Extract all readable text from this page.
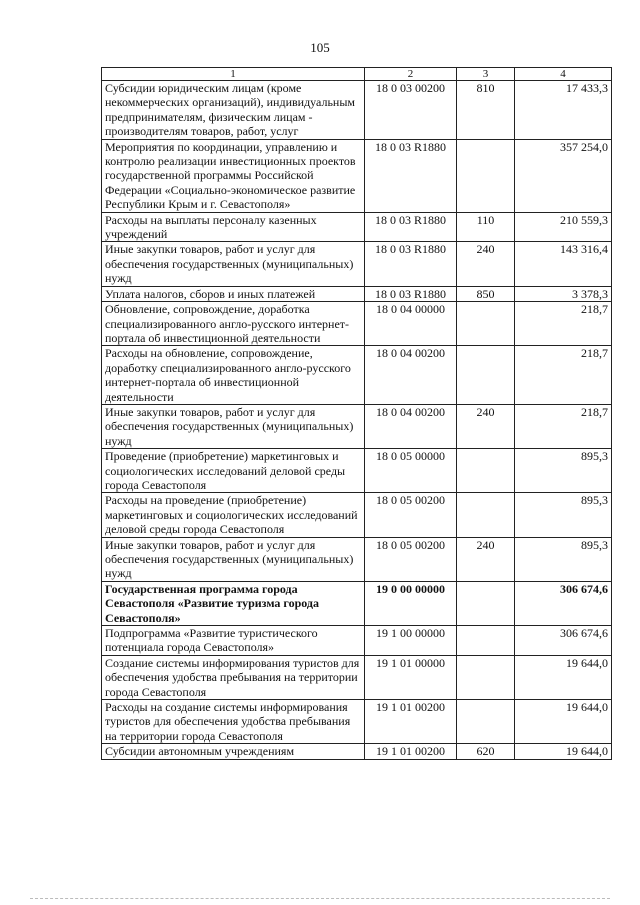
105
1	2	3	4
Субсидии юридическим лицам (кроме некоммерческих организаций), индивидуальным предпринимателям, физическим лицам - производителям товаров, работ, услуг	18 0 03 00200	810	17 433,3
Мероприятия по координации, управлению и контролю реализации инвестиционных проектов государственной программы Российской Федерации «Социально-экономическое развитие Республики Крым и г. Севастополя»	18 0 03 R1880		357 254,0
Расходы на выплаты персоналу казенных учреждений	18 0 03 R1880	110	210 559,3
Иные закупки товаров, работ и услуг для обеспечения государственных (муниципальных) нужд	18 0 03 R1880	240	143 316,4
Уплата налогов, сборов и иных платежей	18 0 03 R1880	850	3 378,3
Обновление, сопровождение, доработка специализированного англо-русского интернет-портала об инвестиционной деятельности	18 0 04 00000		218,7
Расходы на обновление, сопровождение, доработку специализированного англо-русского интернет-портала об инвестиционной деятельности	18 0 04 00200		218,7
Иные закупки товаров, работ и услуг для обеспечения государственных (муниципальных) нужд	18 0 04 00200	240	218,7
Проведение (приобретение) маркетинговых и социологических исследований деловой среды города Севастополя	18 0 05 00000		895,3
Расходы на проведение (приобретение) маркетинговых и социологических исследований деловой среды города Севастополя	18 0 05 00200		895,3
Иные закупки товаров, работ и услуг для обеспечения государственных (муниципальных) нужд	18 0 05 00200	240	895,3
Государственная программа города Севастополя «Развитие туризма города Севастополя»	19 0 00 00000		306 674,6
Подпрограмма «Развитие туристического потенциала города Севастополя»	19 1 00 00000		306 674,6
Создание системы информирования туристов для обеспечения удобства пребывания на территории города Севастополя	19 1 01 00000		19 644,0
Расходы на создание системы информирования туристов для обеспечения удобства пребывания на территории города Севастополя	19 1 01 00200		19 644,0
Субсидии автономным учреждениям	19 1 01 00200	620	19 644,0
